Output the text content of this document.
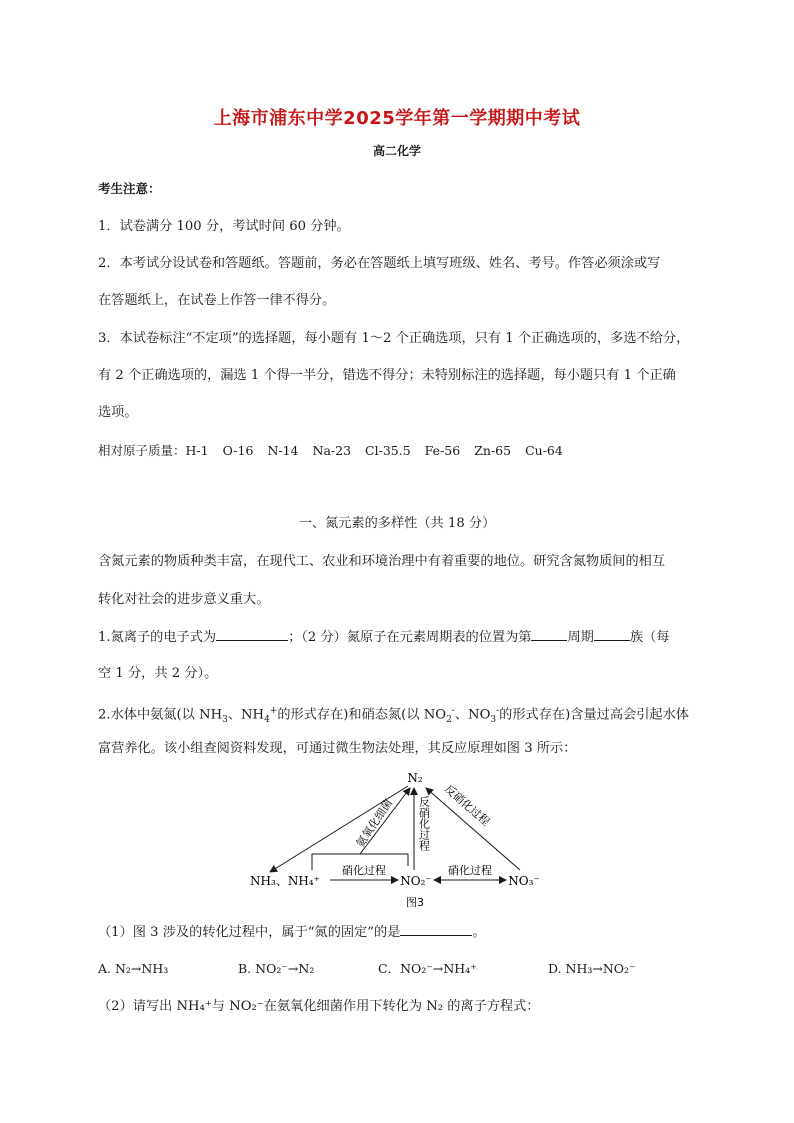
上海市浦东中学2025学年第一学期期中考试
高二化学
考生注意：
1．试卷满分 100 分，考试时间 60 分钟。
2．本考试分设试卷和答题纸。答题前，务必在答题纸上填写班级、姓名、考号。作答必须涂或写
在答题纸上，在试卷上作答一律不得分。
3．本试卷标注“不定项”的选择题，每小题有 1～2 个正确选项，只有 1 个正确选项的，多选不给分，
有 2 个正确选项的，漏选 1 个得一半分，错选不得分；未特别标注的选择题，每小题只有 1 个正确
选项。
相对原子质量：H-1 O-16 N-14 Na-23 Cl-35.5 Fe-56 Zn-65 Cu-64
一、氮元素的多样性（共 18 分）
含氮元素的物质种类丰富，在现代工、农业和环境治理中有着重要的地位。研究含氮物质间的相互
转化对社会的进步意义重大。
1.氮离子的电子式为	；（2 分）氮原子在元素周期表的位置为第	周期	族（每
空 1 分，共 2 分）。
2.水体中氨氮(以 $NH_3$、$NH_4^+$的形式存在)和硝态氮(以 $NO_2^-$、$NO_3^-$的形式存在)含量过高会引起水体
富营养化。该小组查阅资料发现，可通过微生物法处理，其反应原理如图 3 所示：
N₂
NH₃、NH₄⁺	NO₂⁻	NO₃⁻
硝化过程	硝化过程
氨氧化细菌 反硝化过程 反硝化过程
图3
（1）图 3 涉及的转化过程中，属于“氮的固定”的是	。
A. N₂→NH₃	B. NO₂⁻→N₂	C．NO₂⁻→NH₄⁺	D. NH₃→NO₂⁻
（2）请写出 NH₄⁺与 NO₂⁻在氨氧化细菌作用下转化为 N₂ 的离子方程式：
